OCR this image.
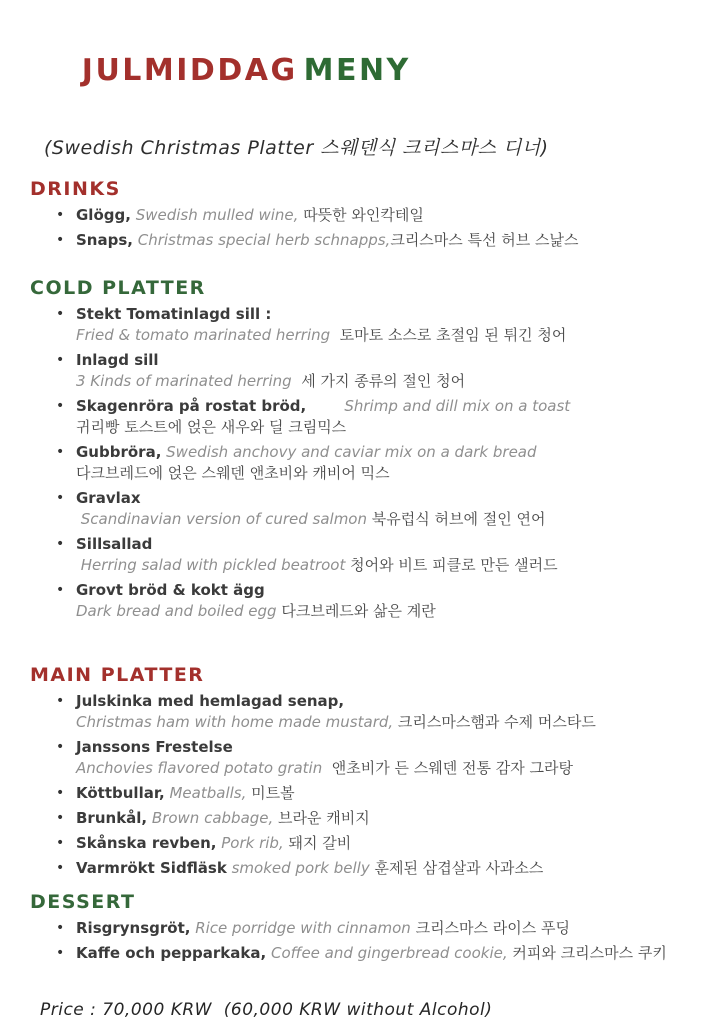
JULMIDDAG MENY

(Swedish Christmas Platter 스웨덴식 크리스마스 디너)
DRINKS
• Glögg, Swedish mulled wine, 따뜻한 와인칵테일
• Snaps, Christmas special herb schnapps,크리스마스 특선 허브 스낥스
COLD PLATTER
• Stekt Tomatinlagd sill :
Fried & tomato marinated herring  토마토 소스로 초절임 된 튀긴 청어
• Inlagd sill
3 Kinds of marinated herring  세 가지 종류의 절인 청어
• Skagenröra på rostat bröd,        Shrimp and dill mix on a toast
귀리빵 토스트에 얹은 새우와 딜 크림믹스
• Gubbröra, Swedish anchovy and caviar mix on a dark bread
다크브레드에 얹은 스웨덴 앤초비와 캐비어 믹스
• Gravlax
Scandinavian version of cured salmon 북유럽식 허브에 절인 연어
• Sillsallad
Herring salad with pickled beatroot 청어와 비트 피클로 만든 샐러드
• Grovt bröd & kokt ägg
Dark bread and boiled egg 다크브레드와 삶은 계란
MAIN PLATTER
• Julskinka med hemlagad senap,
Christmas ham with home made mustard, 크리스마스햄과 수제 머스타드
• Janssons Frestelse
Anchovies flavored potato gratin  앤초비가 든 스웨덴 전통 감자 그라탕
• Köttbullar, Meatballs, 미트볼
• Brunkål, Brown cabbage, 브라운 캐비지
• Skånska revben, Pork rib, 돼지 갈비
• Varmrökt Sidfläsk smoked pork belly 훈제된 삼겹살과 사과소스
DESSERT
• Risgrynsgröt, Rice porridge with cinnamon 크리스마스 라이스 푸딩
• Kaffe och pepparkaka, Coffee and gingerbread cookie, 커피와 크리스마스 쿠키
Price : 70,000 KRW  (60,000 KRW without Alcohol)
